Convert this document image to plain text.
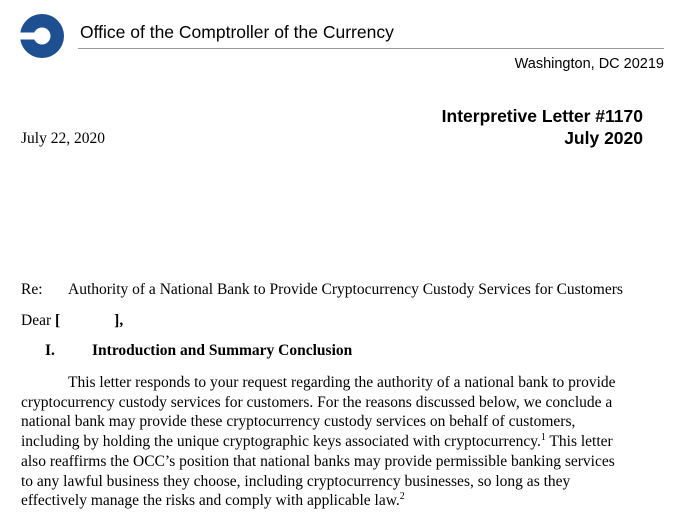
Office of the Comptroller of the Currency
Washington, DC 20219
Interpretive Letter #1170
July 2020
July 22, 2020
Re: Authority of a National Bank to Provide Cryptocurrency Custody Services for Customers
Dear [	],
I. Introduction and Summary Conclusion
This letter responds to your request regarding the authority of a national bank to provide
cryptocurrency custody services for customers. For the reasons discussed below, we conclude a
national bank may provide these cryptocurrency custody services on behalf of customers,
including by holding the unique cryptographic keys associated with cryptocurrency.$^1$ This letter
also reaffirms the OCC’s position that national banks may provide permissible banking services
to any lawful business they choose, including cryptocurrency businesses, so long as they
effectively manage the risks and comply with applicable law.$^2$
